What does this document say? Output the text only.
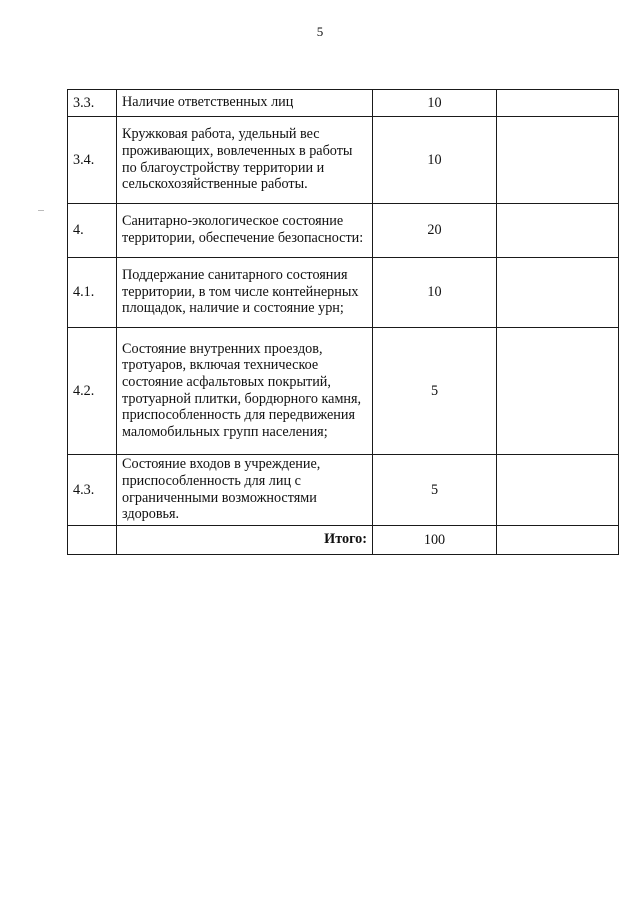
5
3.3.	Наличие ответственных лиц	10	
3.4.	Кружковая работа, удельный вес проживающих, вовлеченных в работы по благоустройству территории и сельскохозяйственные работы.	10	
4.	Санитарно-экологическое состояние территории, обеспечение безопасности:	20	
4.1.	Поддержание санитарного состояния территории, в том числе контейнерных площадок, наличие и состояние урн;	10	
4.2.	Состояние внутренних проездов, тротуаров, включая техническое состояние асфальтовых покрытий, тротуарной плитки, бордюрного камня, приспособленность для передвижения маломобильных групп населения;	5	
4.3.	Состояние входов в учреждение, приспособленность для лиц с ограниченными возможностями здоровья.	5	
	Итого:	100	
